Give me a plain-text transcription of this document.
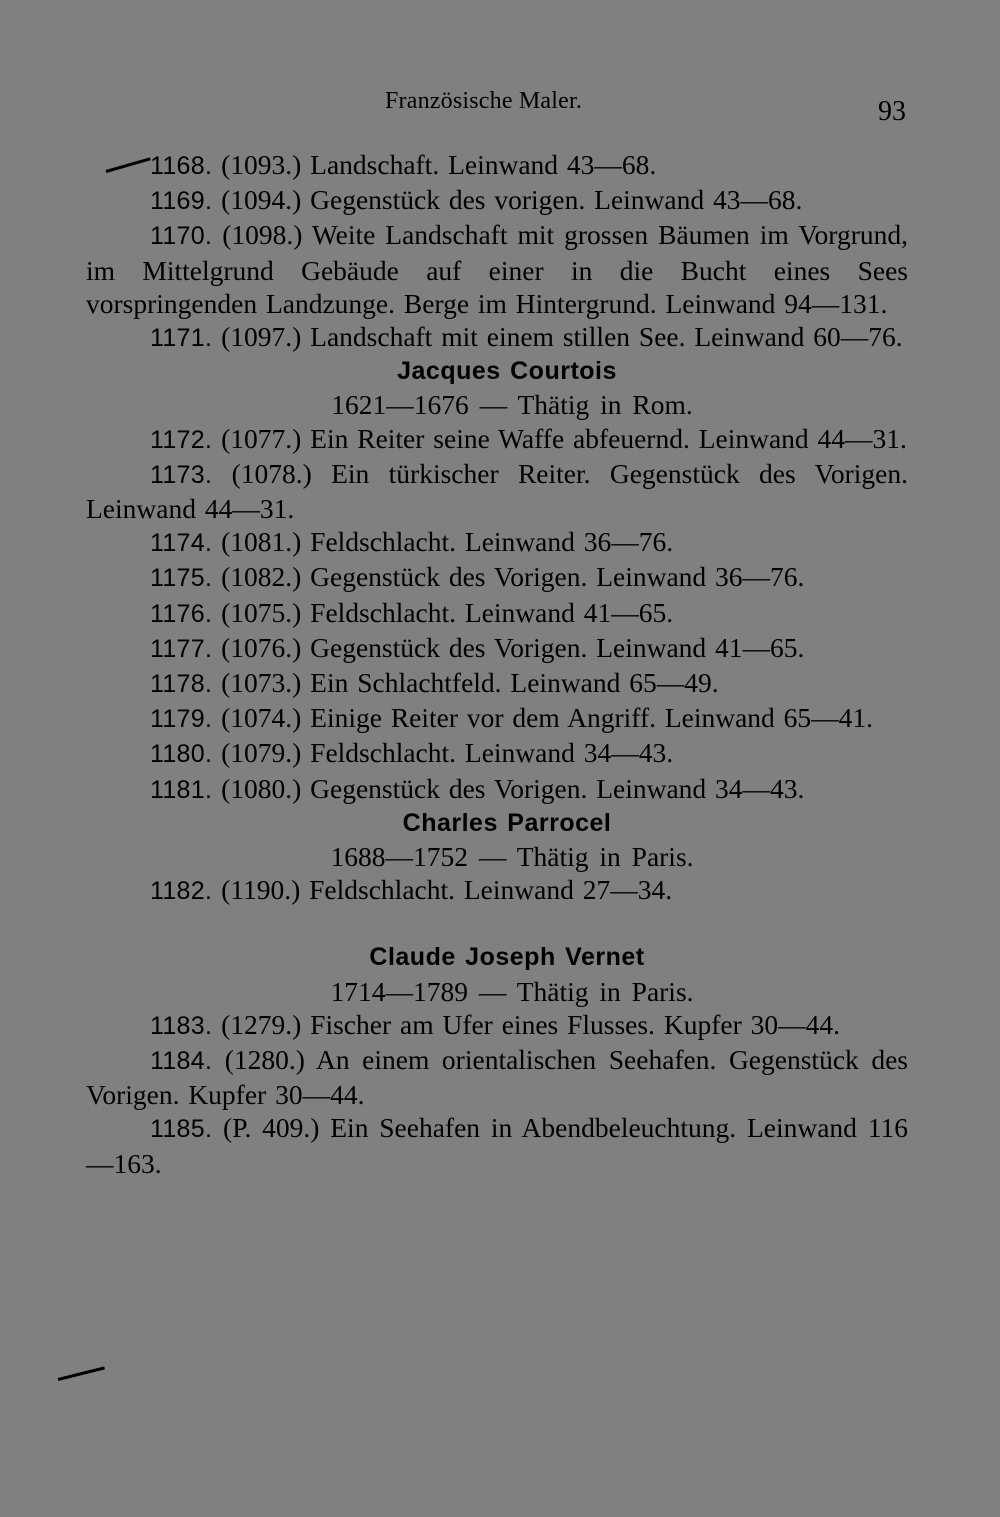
Französische Maler.	93

1168. (1093.) Landschaft. Leinwand 43—68.

1169. (1094.) Gegenstück des vorigen. Leinwand 43—68.

1170. (1098.) Weite Landschaft mit grossen Bäumen im Vorgrund, im Mittelgrund Gebäude auf einer in die Bucht eines Sees vorspringenden Landzunge. Berge im Hintergrund. Leinwand 94—131.

1171. (1097.) Landschaft mit einem stillen See. Leinwand 60—76.

Jacques Courtois

1621—1676 — Thätig in Rom.

1172. (1077.) Ein Reiter seine Waffe abfeuernd. Leinwand 44—31.

1173. (1078.) Ein türkischer Reiter. Gegenstück des Vorigen. Leinwand 44—31.

1174. (1081.) Feldschlacht. Leinwand 36—76.

1175. (1082.) Gegenstück des Vorigen. Leinwand 36—76.

1176. (1075.) Feldschlacht. Leinwand 41—65.

1177. (1076.) Gegenstück des Vorigen. Leinwand 41—65.

1178. (1073.) Ein Schlachtfeld. Leinwand 65—49.

1179. (1074.) Einige Reiter vor dem Angriff. Leinwand 65—41.

1180. (1079.) Feldschlacht. Leinwand 34—43.

1181. (1080.) Gegenstück des Vorigen. Leinwand 34—43.

Charles Parrocel

1688—1752 — Thätig in Paris.

1182. (1190.) Feldschlacht. Leinwand 27—34.

Claude Joseph Vernet

1714—1789 — Thätig in Paris.

1183. (1279.) Fischer am Ufer eines Flusses. Kupfer 30—44.

1184. (1280.) An einem orientalischen Seehafen. Gegenstück des Vorigen. Kupfer 30—44.

1185. (P. 409.) Ein Seehafen in Abendbeleuchtung. Leinwand 116—163.
